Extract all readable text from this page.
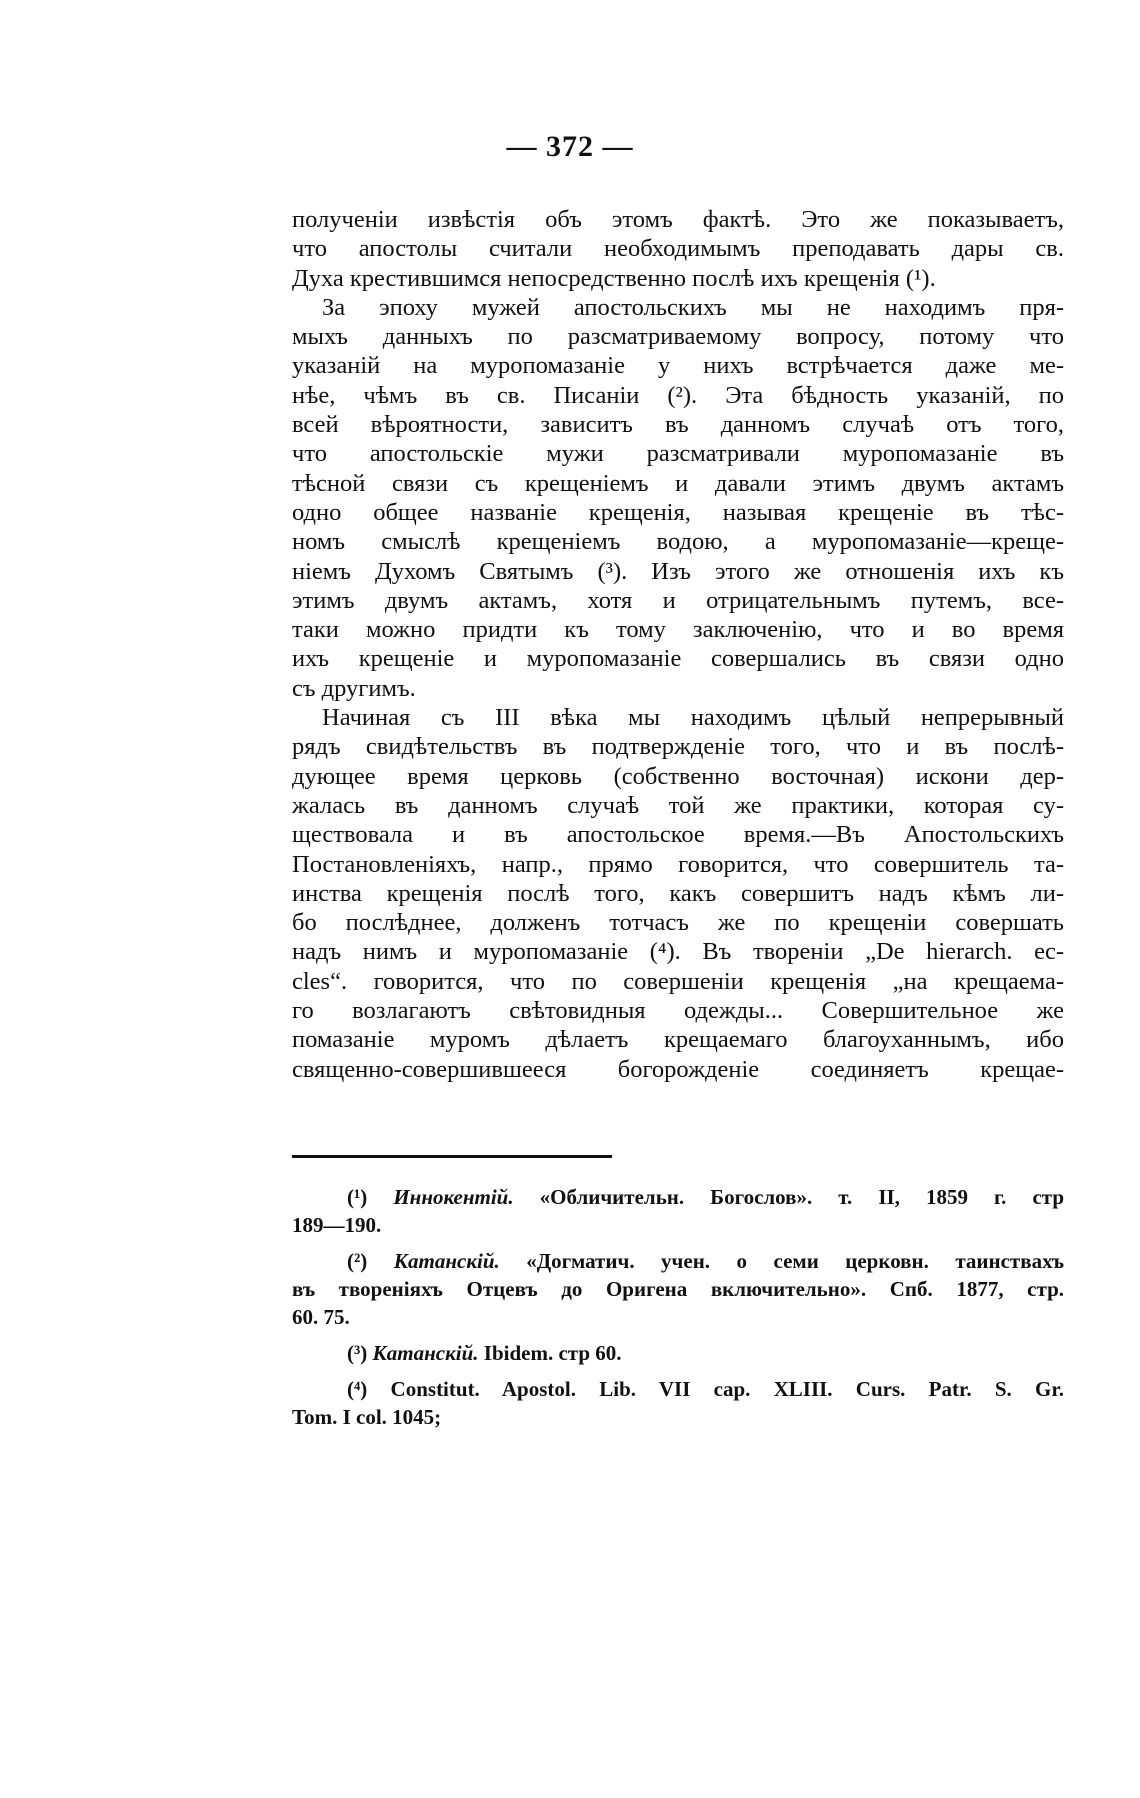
— 372 —
полученiи извѣстiя объ этомъ фактѣ. Это же показываетъ,
что апостолы считали необходимымъ преподавать дары св.
Духа крестившимся непосредственно послѣ ихъ крещенiя (¹).
За эпоху мужей апостольскихъ мы не находимъ пря-
мыхъ данныхъ по разсматриваемому вопросу, потому что
указанiй на муропомазанiе у нихъ встрѣчается даже ме-
нѣе, чѣмъ въ св. Писанiи (²). Эта бѣдность указанiй, по
всей вѣроятности, зависитъ въ данномъ случаѣ отъ того,
что апостольскiе мужи разсматривали муропомазанiе въ
тѣсной связи съ крещенiемъ и давали этимъ двумъ актамъ
одно общее названiе крещенiя, называя крещенiе въ тѣс-
номъ смыслѣ крещенiемъ водою, а муропомазанiе—креще-
нiемъ Духомъ Святымъ (³). Изъ этого же отношенiя ихъ къ
этимъ двумъ актамъ, хотя и отрицательнымъ путемъ, все-
таки можно придти къ тому заключенiю, что и во время
ихъ крещенiе и муропомазанiе совершались въ связи одно
съ другимъ.
Начиная съ III вѣка мы находимъ цѣлый непрерывный
рядъ свидѣтельствъ въ подтвержденiе того, что и въ послѣ-
дующее время церковь (собственно восточная) искони дер-
жалась въ данномъ случаѣ той же практики, которая су-
ществовала и въ апостольское время.—Въ Апостольскихъ
Постановленiяхъ, напр., прямо говорится, что совершитель та-
инства крещенiя послѣ того, какъ совершитъ надъ кѣмъ ли-
бо послѣднее, долженъ тотчасъ же по крещенiи совершать
надъ нимъ и муропомазанiе (⁴). Въ творенiи „De hierarch. ec-
cles“. говорится, что по совершенiи крещенiя „на крещаема-
го возлагаютъ свѣтовидныя одежды... Совершительное же
помазанiе муромъ дѣлаетъ крещаемаго благоуханнымъ, ибо
священно-совершившееся богорожденiе соединяетъ крещае-
(¹) Иннокентiй. «Обличительн. Богослов». т. II, 1859 г. стр
189—190.
(²) Катанскiй. «Догматич. учен. о семи церковн. таинствахъ
въ творенiяхъ Отцевъ до Оригена включительно». Спб. 1877, стр.
60. 75.
(³) Катанскiй. Ibidem. стр 60.
(⁴) Constitut. Apostol. Lib. VII cap. XLIII. Curs. Patr. S. Gr.
Tom. I col. 1045;
